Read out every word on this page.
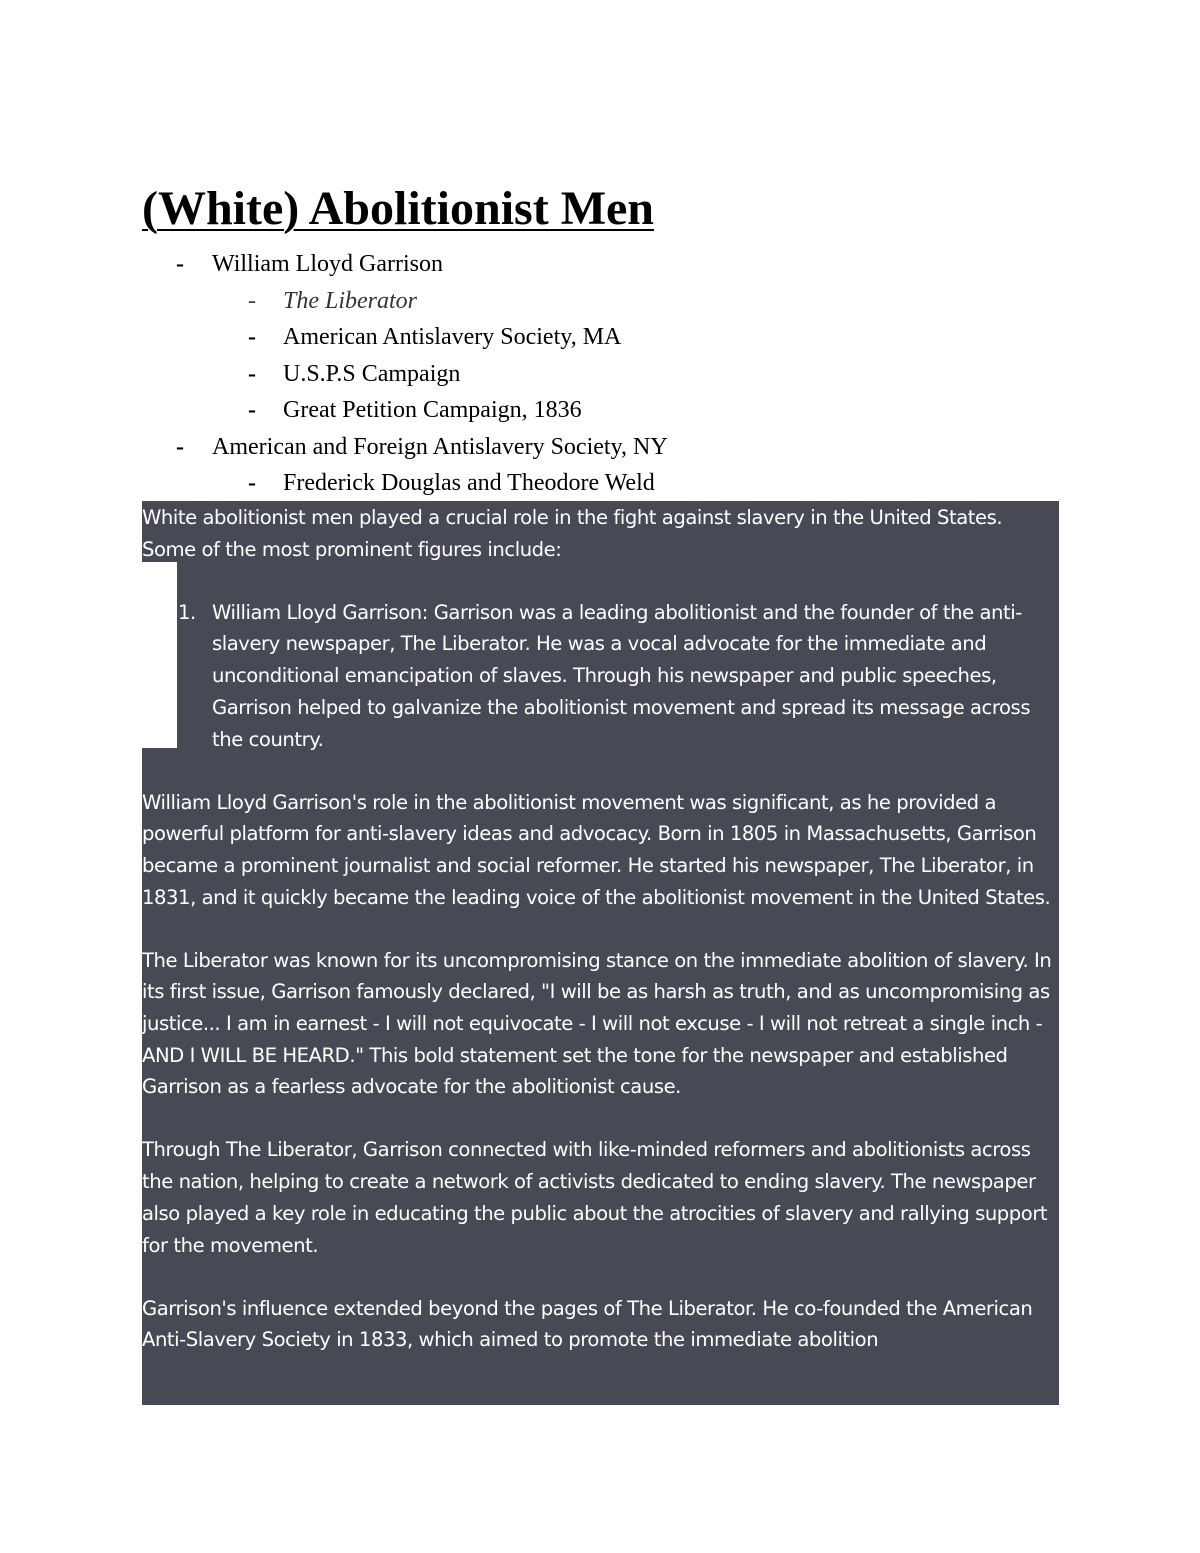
(White) Abolitionist Men
- William Lloyd Garrison
- The Liberator
- American Antislavery Society, MA
- U.S.P.S Campaign
- Great Petition Campaign, 1836
- American and Foreign Antislavery Society, NY
- Frederick Douglas and Theodore Weld

White abolitionist men played a crucial role in the fight against slavery in the United States. Some of the most prominent figures include:

1. William Lloyd Garrison: Garrison was a leading abolitionist and the founder of the anti-slavery newspaper, The Liberator. He was a vocal advocate for the immediate and unconditional emancipation of slaves. Through his newspaper and public speeches, Garrison helped to galvanize the abolitionist movement and spread its message across the country.

William Lloyd Garrison's role in the abolitionist movement was significant, as he provided a powerful platform for anti-slavery ideas and advocacy. Born in 1805 in Massachusetts, Garrison became a prominent journalist and social reformer. He started his newspaper, The Liberator, in 1831, and it quickly became the leading voice of the abolitionist movement in the United States.

The Liberator was known for its uncompromising stance on the immediate abolition of slavery. In its first issue, Garrison famously declared, "I will be as harsh as truth, and as uncompromising as justice... I am in earnest - I will not equivocate - I will not excuse - I will not retreat a single inch - AND I WILL BE HEARD." This bold statement set the tone for the newspaper and established Garrison as a fearless advocate for the abolitionist cause.

Through The Liberator, Garrison connected with like-minded reformers and abolitionists across the nation, helping to create a network of activists dedicated to ending slavery. The newspaper also played a key role in educating the public about the atrocities of slavery and rallying support for the movement.

Garrison's influence extended beyond the pages of The Liberator. He co-founded the American Anti-Slavery Society in 1833, which aimed to promote the immediate abolition
